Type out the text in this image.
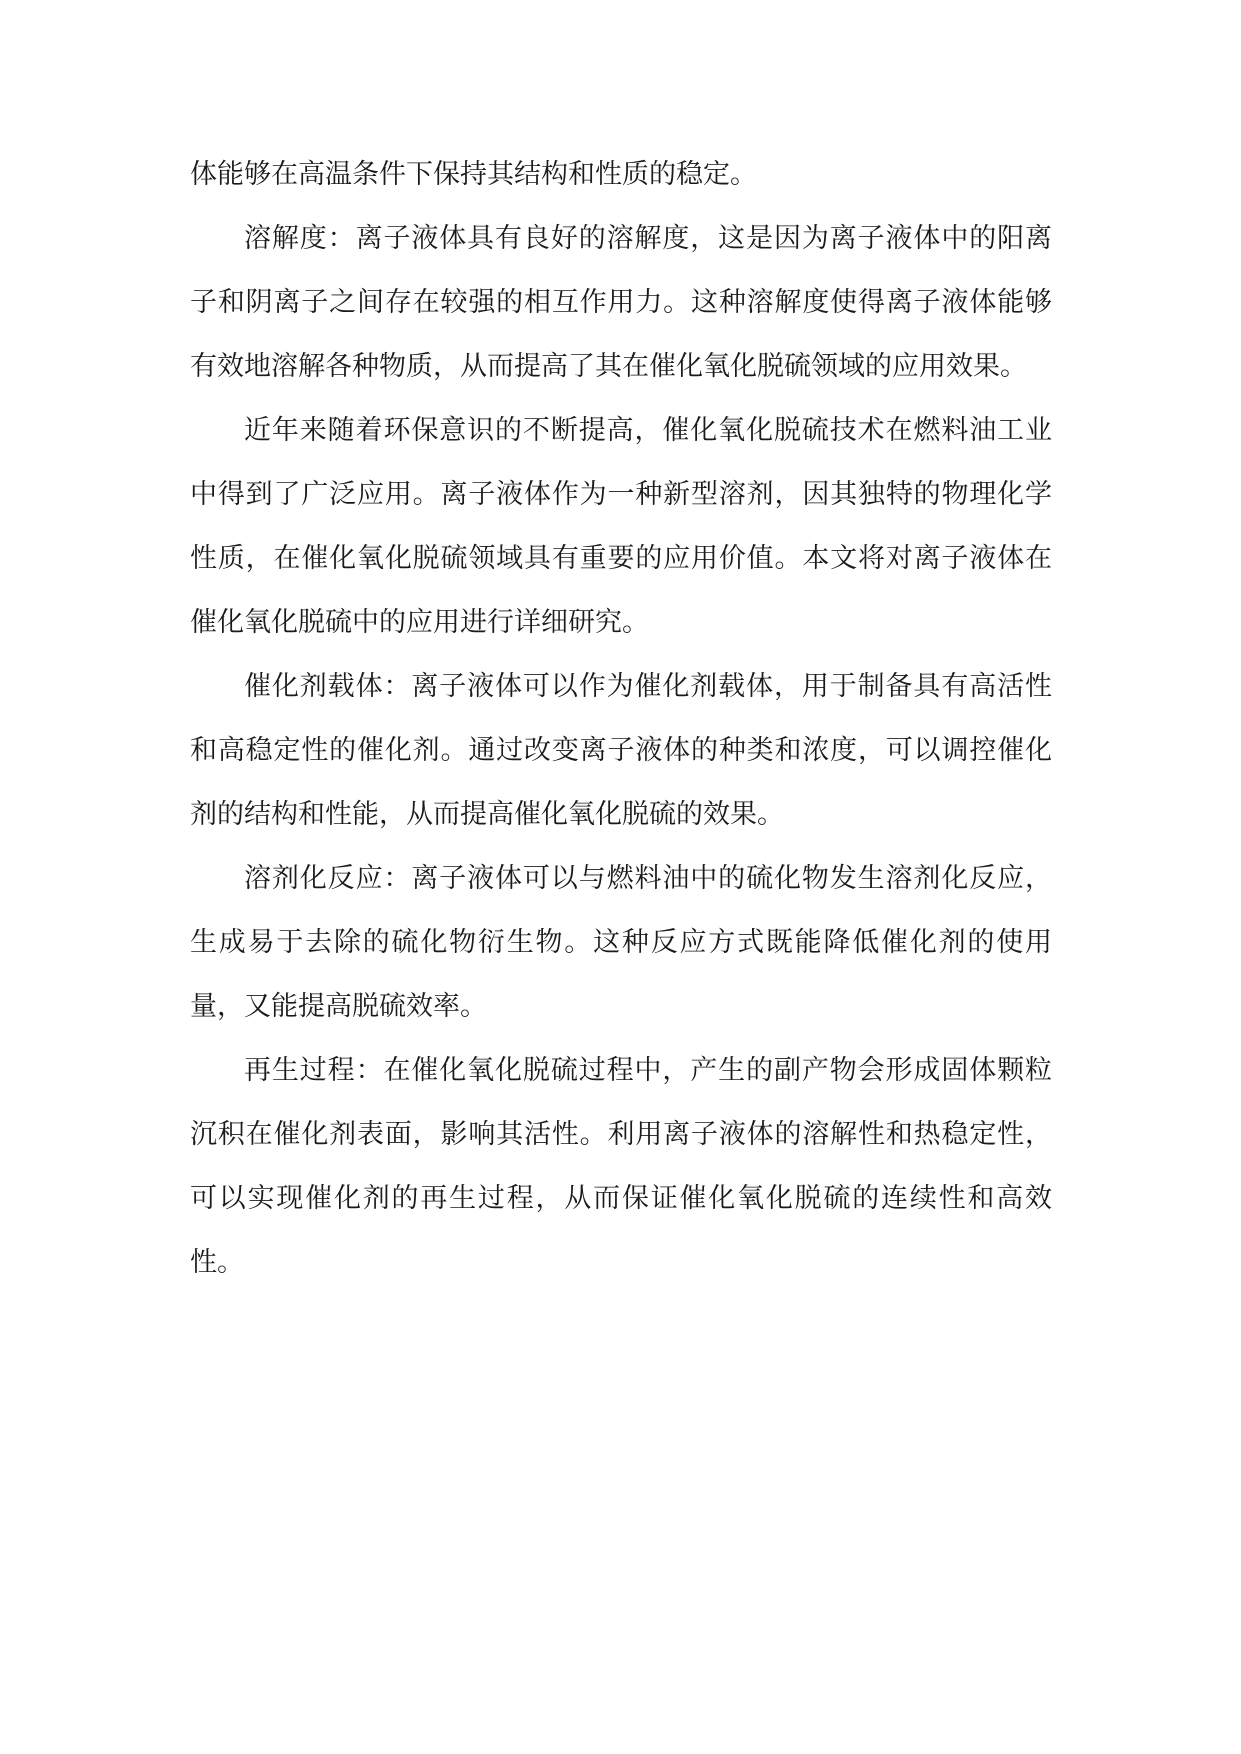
体能够在高温条件下保持其结构和性质的稳定。

溶解度：离子液体具有良好的溶解度，这是因为离子液体中的阳离子和阴离子之间存在较强的相互作用力。这种溶解度使得离子液体能够有效地溶解各种物质，从而提高了其在催化氧化脱硫领域的应用效果。

近年来随着环保意识的不断提高，催化氧化脱硫技术在燃料油工业中得到了广泛应用。离子液体作为一种新型溶剂，因其独特的物理化学性质，在催化氧化脱硫领域具有重要的应用价值。本文将对离子液体在催化氧化脱硫中的应用进行详细研究。

催化剂载体：离子液体可以作为催化剂载体，用于制备具有高活性和高稳定性的催化剂。通过改变离子液体的种类和浓度，可以调控催化剂的结构和性能，从而提高催化氧化脱硫的效果。

溶剂化反应：离子液体可以与燃料油中的硫化物发生溶剂化反应，生成易于去除的硫化物衍生物。这种反应方式既能降低催化剂的使用量，又能提高脱硫效率。

再生过程：在催化氧化脱硫过程中，产生的副产物会形成固体颗粒沉积在催化剂表面，影响其活性。利用离子液体的溶解性和热稳定性，可以实现催化剂的再生过程，从而保证催化氧化脱硫的连续性和高效性。
